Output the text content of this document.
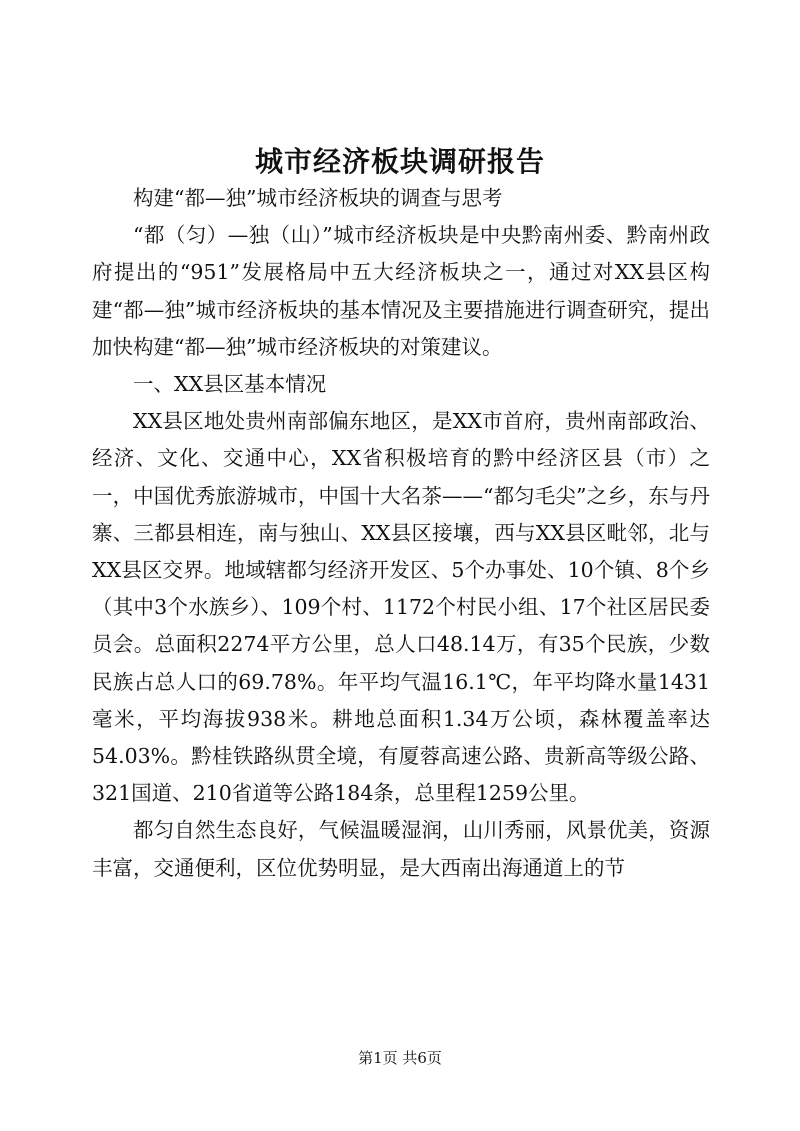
城市经济板块调研报告

构建“都—独”城市经济板块的调查与思考

“都（匀）—独（山）”城市经济板块是中央黔南州委、黔南州政府提出的“951”发展格局中五大经济板块之一，通过对XX县区构建“都—独”城市经济板块的基本情况及主要措施进行调查研究，提出加快构建“都—独”城市经济板块的对策建议。

一、XX县区基本情况

XX县区地处贵州南部偏东地区，是XX市首府，贵州南部政治、经济、文化、交通中心，XX省积极培育的黔中经济区县（市）之一，中国优秀旅游城市，中国十大名茶——“都匀毛尖”之乡，东与丹寨、三都县相连，南与独山、XX县区接壤，西与XX县区毗邻，北与XX县区交界。地域辖都匀经济开发区、5个办事处、10个镇、8个乡（其中3个水族乡）、109个村、1172个村民小组、17个社区居民委员会。总面积2274平方公里，总人口48.14万，有35个民族，少数民族占总人口的69.78%。年平均气温16.1℃，年平均降水量1431毫米，平均海拔938米。耕地总面积1.34万公顷，森林覆盖率达54.03%。黔桂铁路纵贯全境，有厦蓉高速公路、贵新高等级公路、321国道、210省道等公路184条，总里程1259公里。

都匀自然生态良好，气候温暖湿润，山川秀丽，风景优美，资源丰富，交通便利，区位优势明显，是大西南出海通道上的节

第1页 共6页
